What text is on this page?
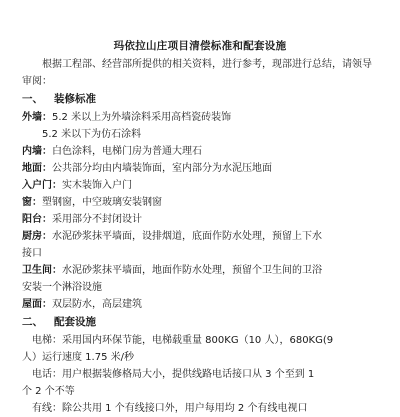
玛依拉山庄项目清偿标准和配套设施

根据工程部、经营部所提供的相关资料，进行参考，现部进行总结，请领导审阅：

一、 装修标准

外墙：5.2 米以上为外墙涂料采用高档瓷砖装饰

5.2 米以下为仿石涂料

内墙：白色涂料，电梯门房为普通大理石

地面：公共部分均由内墙装饰面，室内部分为水泥压地面

入户门：实木装饰入户门

窗：塑钢窗，中空玻璃安装钢窗

阳台：采用部分不封闭设计

厨房：水泥砂浆抹平墙面，设排烟道，底面作防水处理，预留上下水

接口

卫生间：水泥砂浆抹平墙面，地面作防水处理，预留个卫生间的卫浴

安装一个淋浴设施

屋面：双层防水，高层建筑

二、 配套设施

电梯：采用国内环保节能，电梯载重量 800KG（10 人），680KG(9

人）运行速度 1.75 米/秒

电话：用户根据装修格局大小，提供线路电话接口从 3 个至到 1

个 2 个不等

有线：除公共用 1 个有线接口外，用户每用均 2 个有线电视口
